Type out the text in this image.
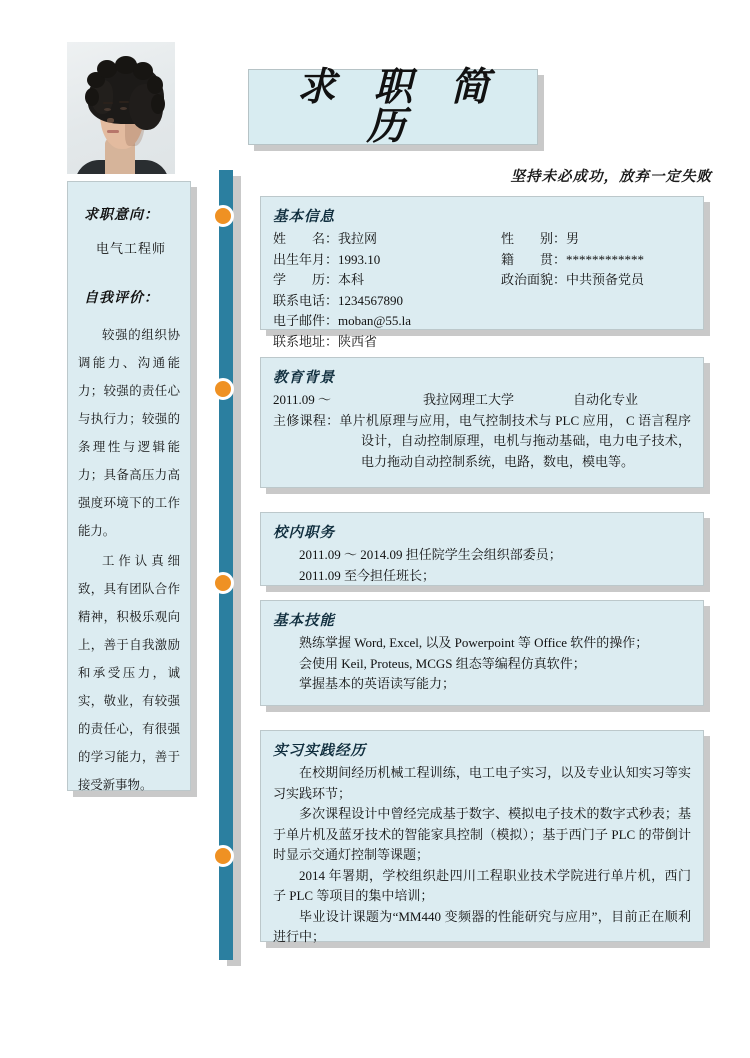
求 职 简 历
坚持未必成功，放弃一定失败
求职意向：
电气工程师
自我评价：
较强的组织协调能力、沟通能力；较强的责任心与执行力；较强的条理性与逻辑能力；具备高压力高强度环境下的工作能力。
工作认真细致，具有团队合作精神，积极乐观向上，善于自我激励和承受压力，诚实，敬业，有较强的责任心，有很强的学习能力，善于接受新事物。
基本信息
姓　　名：我拉网
出生年月：1993.10
学　　历：本科
联系电话：1234567890
电子邮件：moban@55.la
联系地址：陕西省
性　　别：男
籍　　贯：************
政治面貌：中共预备党员
教育背景
2011.09 ～	我拉网理工大学	自动化专业
主修课程：单片机原理与应用，电气控制技术与 PLC 应用， C 语言程序设计，自动控制原理，电机与拖动基础，电力电子技术，电力拖动自动控制系统，电路，数电，模电等。
校内职务
2011.09 ～ 2014.09 担任院学生会组织部委员；
2011.09 至今担任班长；
基本技能
熟练掌握 Word, Excel, 以及 Powerpoint 等 Office 软件的操作；
会使用 Keil, Proteus, MCGS 组态等编程仿真软件；
掌握基本的英语读写能力；
实习实践经历
在校期间经历机械工程训练，电工电子实习，以及专业认知实习等实习实践环节；
多次课程设计中曾经完成基于数字、模拟电子技术的数字式秒表；基于单片机及蓝牙技术的智能家具控制（模拟）；基于西门子 PLC 的带倒计时显示交通灯控制等课题；
2014 年署期，学校组织赴四川工程职业技术学院进行单片机，西门子 PLC 等项目的集中培训；
毕业设计课题为“MM440 变频器的性能研究与应用”，目前正在顺利进行中；
